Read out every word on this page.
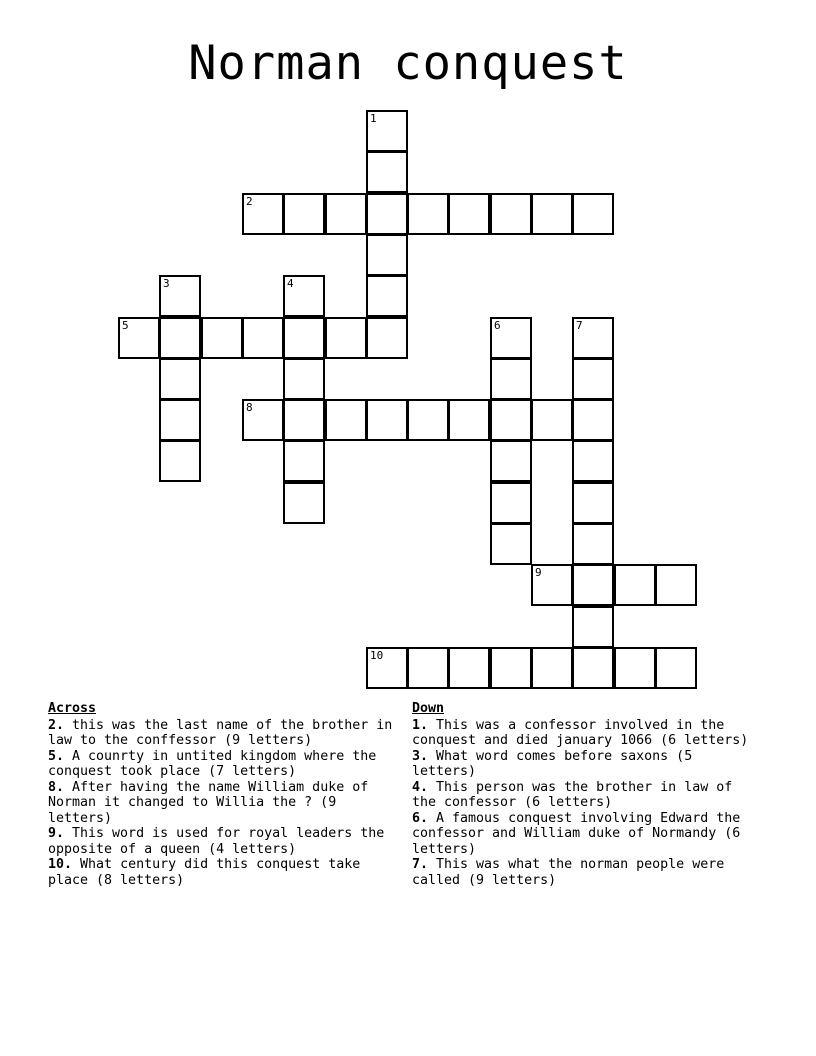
Norman conquest
1
2
3	4
5	6	7
8
9
10
Across
2. this was the last name of the brother in law to the conffessor (9 letters)
5. A counrty in untited kingdom where the conquest took place (7 letters)
8. After having the name William duke of Norman it changed to Willia the ? (9 letters)
9. This word is used for royal leaders the opposite of a queen (4 letters)
10. What century did this conquest take place (8 letters)
Down
1. This was a confessor involved in the conquest and died january 1066 (6 letters)
3. What word comes before saxons (5 letters)
4. This person was the brother in law of the confessor (6 letters)
6. A famous conquest involving Edward the confessor and William duke of Normandy (6 letters)
7. This was what the norman people were called (9 letters)
